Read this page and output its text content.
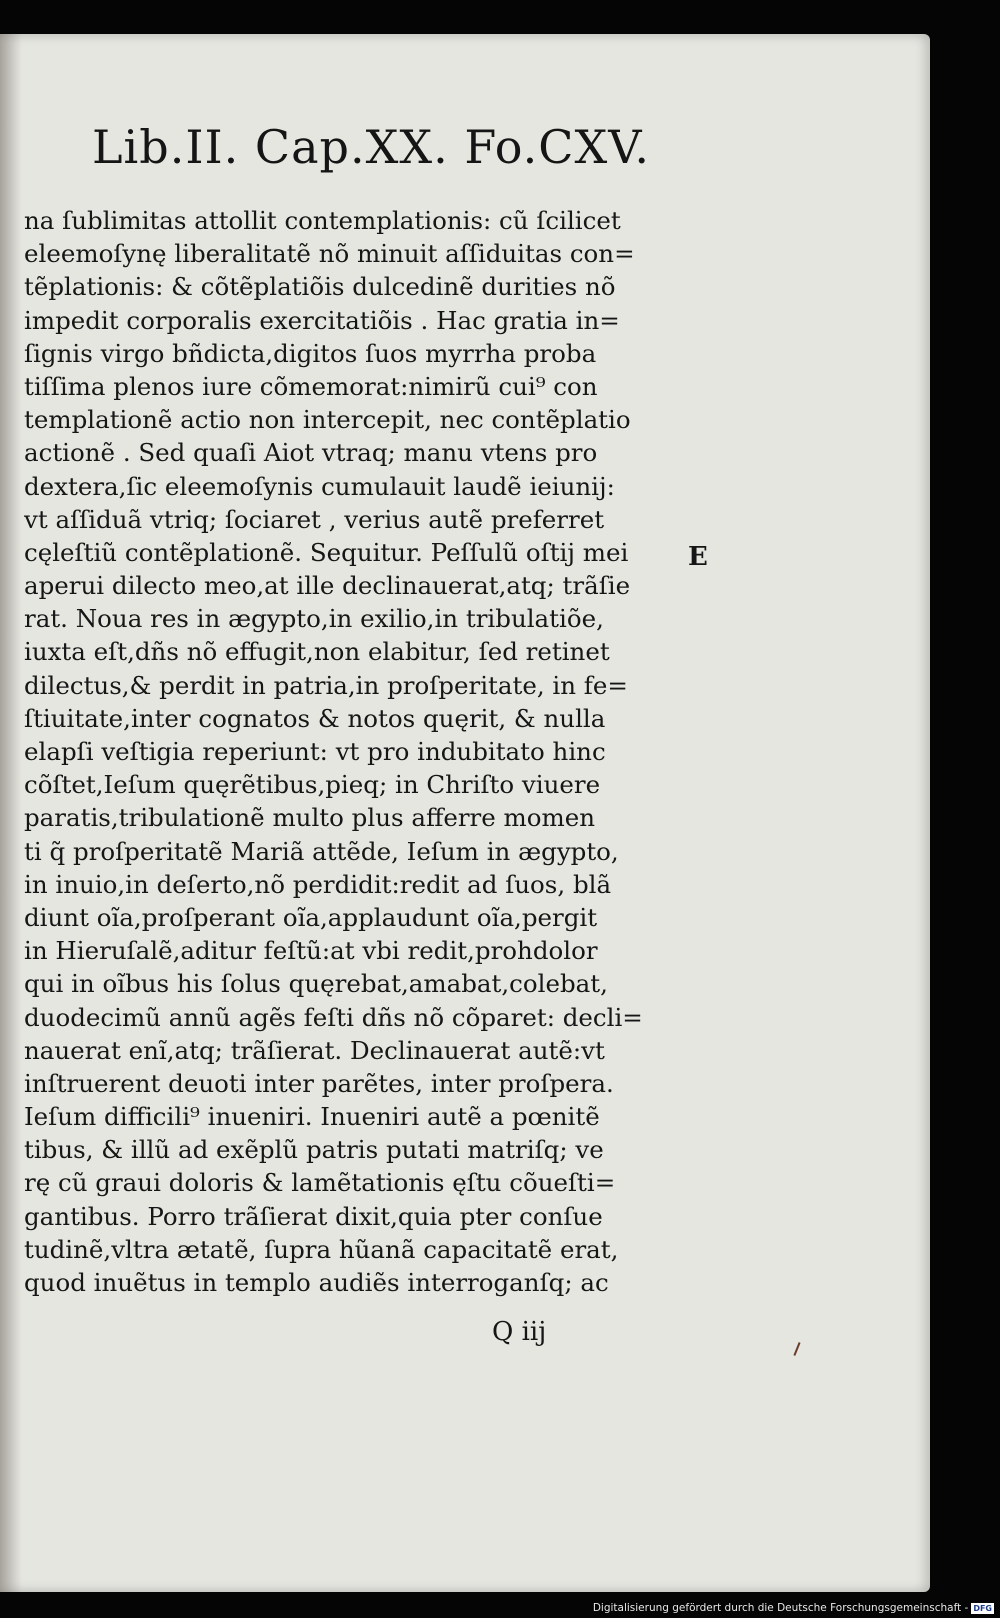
Lib.II. Cap.XX. Fo.CXV.
na ſublimitas attollit contemplationis: cũ ſcilicet
eleemoſynę liberalitatẽ nõ minuit aſſiduitas con=
tẽplationis: & cõtẽplatiõis dulcedinẽ durities nõ
impedit corporalis exercitatiõis . Hac gratia in=
ſignis virgo bñdicta,digitos ſuos myrrha proba
tiſſima plenos iure cõmemorat:nimirũ cui⁹ con
templationẽ actio non intercepit, nec contẽplatio
actionẽ . Sed quaſi Aiot vtraq; manu vtens pro
dextera,ſic eleemoſynis cumulauit laudẽ ieiunij:
vt aſſiduã vtriq; ſociaret , verius autẽ preferret
cęleſtiũ contẽplationẽ. Sequitur. Peſſulũ oſtij mei
aperui dilecto meo,at ille declinauerat,atq; trãſie
rat. Noua res in ægypto,in exilio,in tribulatiõe,
iuxta eſt,dñs nõ effugit,non elabitur, ſed retinet
dilectus,& perdit in patria,in proſperitate, in fe=
ſtiuitate,inter cognatos & notos quęrit, & nulla
elapſi veſtigia reperiunt: vt pro indubitato hinc
cõſtet,Ieſum quęrẽtibus,pieq; in Chriſto viuere
paratis,tribulationẽ multo plus afferre momen
ti q̃ proſperitatẽ Mariã attẽde, Ieſum in ægypto,
in inuio,in deſerto,nõ perdidit:redit ad ſuos, blã
diunt oĩa,proſperant oĩa,applaudunt oĩa,pergit
in Hieruſalẽ,aditur feſtũ:at vbi redit,prohdolor
qui in oĩbus his ſolus quęrebat,amabat,colebat,
duodecimũ annũ agẽs feſti dñs nõ cõparet: decli=
nauerat enĩ,atq; trãſierat. Declinauerat autẽ:vt
inſtruerent deuoti inter parẽtes, inter proſpera.
Ieſum difficili⁹ inueniri. Inueniri autẽ a pœnitẽ
tibus, & illũ ad exẽplũ patris putati matriſq; ve
rę cũ graui doloris & lamẽtationis ęſtu cõueſti=
gantibus. Porro trãſierat dixit,quia pter conſue
tudinẽ,vltra ætatẽ, ſupra hũanã capacitatẽ erat,
quod inuẽtus in templo audiẽs interroganſq; ac
E
Q iij
Digitalisierung gefördert durch die Deutsche Forschungsgemeinschaft - DFG
